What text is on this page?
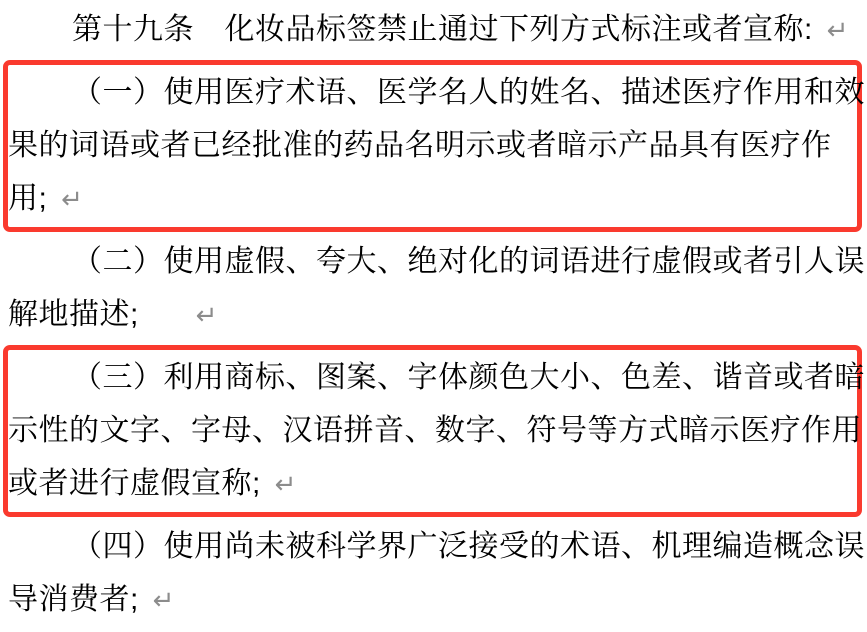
第十九条　化妆品标签禁止通过下列方式标注或者宣称: ↵
（一）使用医疗术语、医学名人的姓名、描述医疗作用和效
果的词语或者已经批准的药品名明示或者暗示产品具有医疗作
用; ↵
（二）使用虚假、夸大、绝对化的词语进行虚假或者引人误
解地描述; ↵
（三）利用商标、图案、字体颜色大小、色差、谐音或者暗
示性的文字、字母、汉语拼音、数字、符号等方式暗示医疗作用
或者进行虚假宣称; ↵
（四）使用尚未被科学界广泛接受的术语、机理编造概念误
导消费者; ↵
